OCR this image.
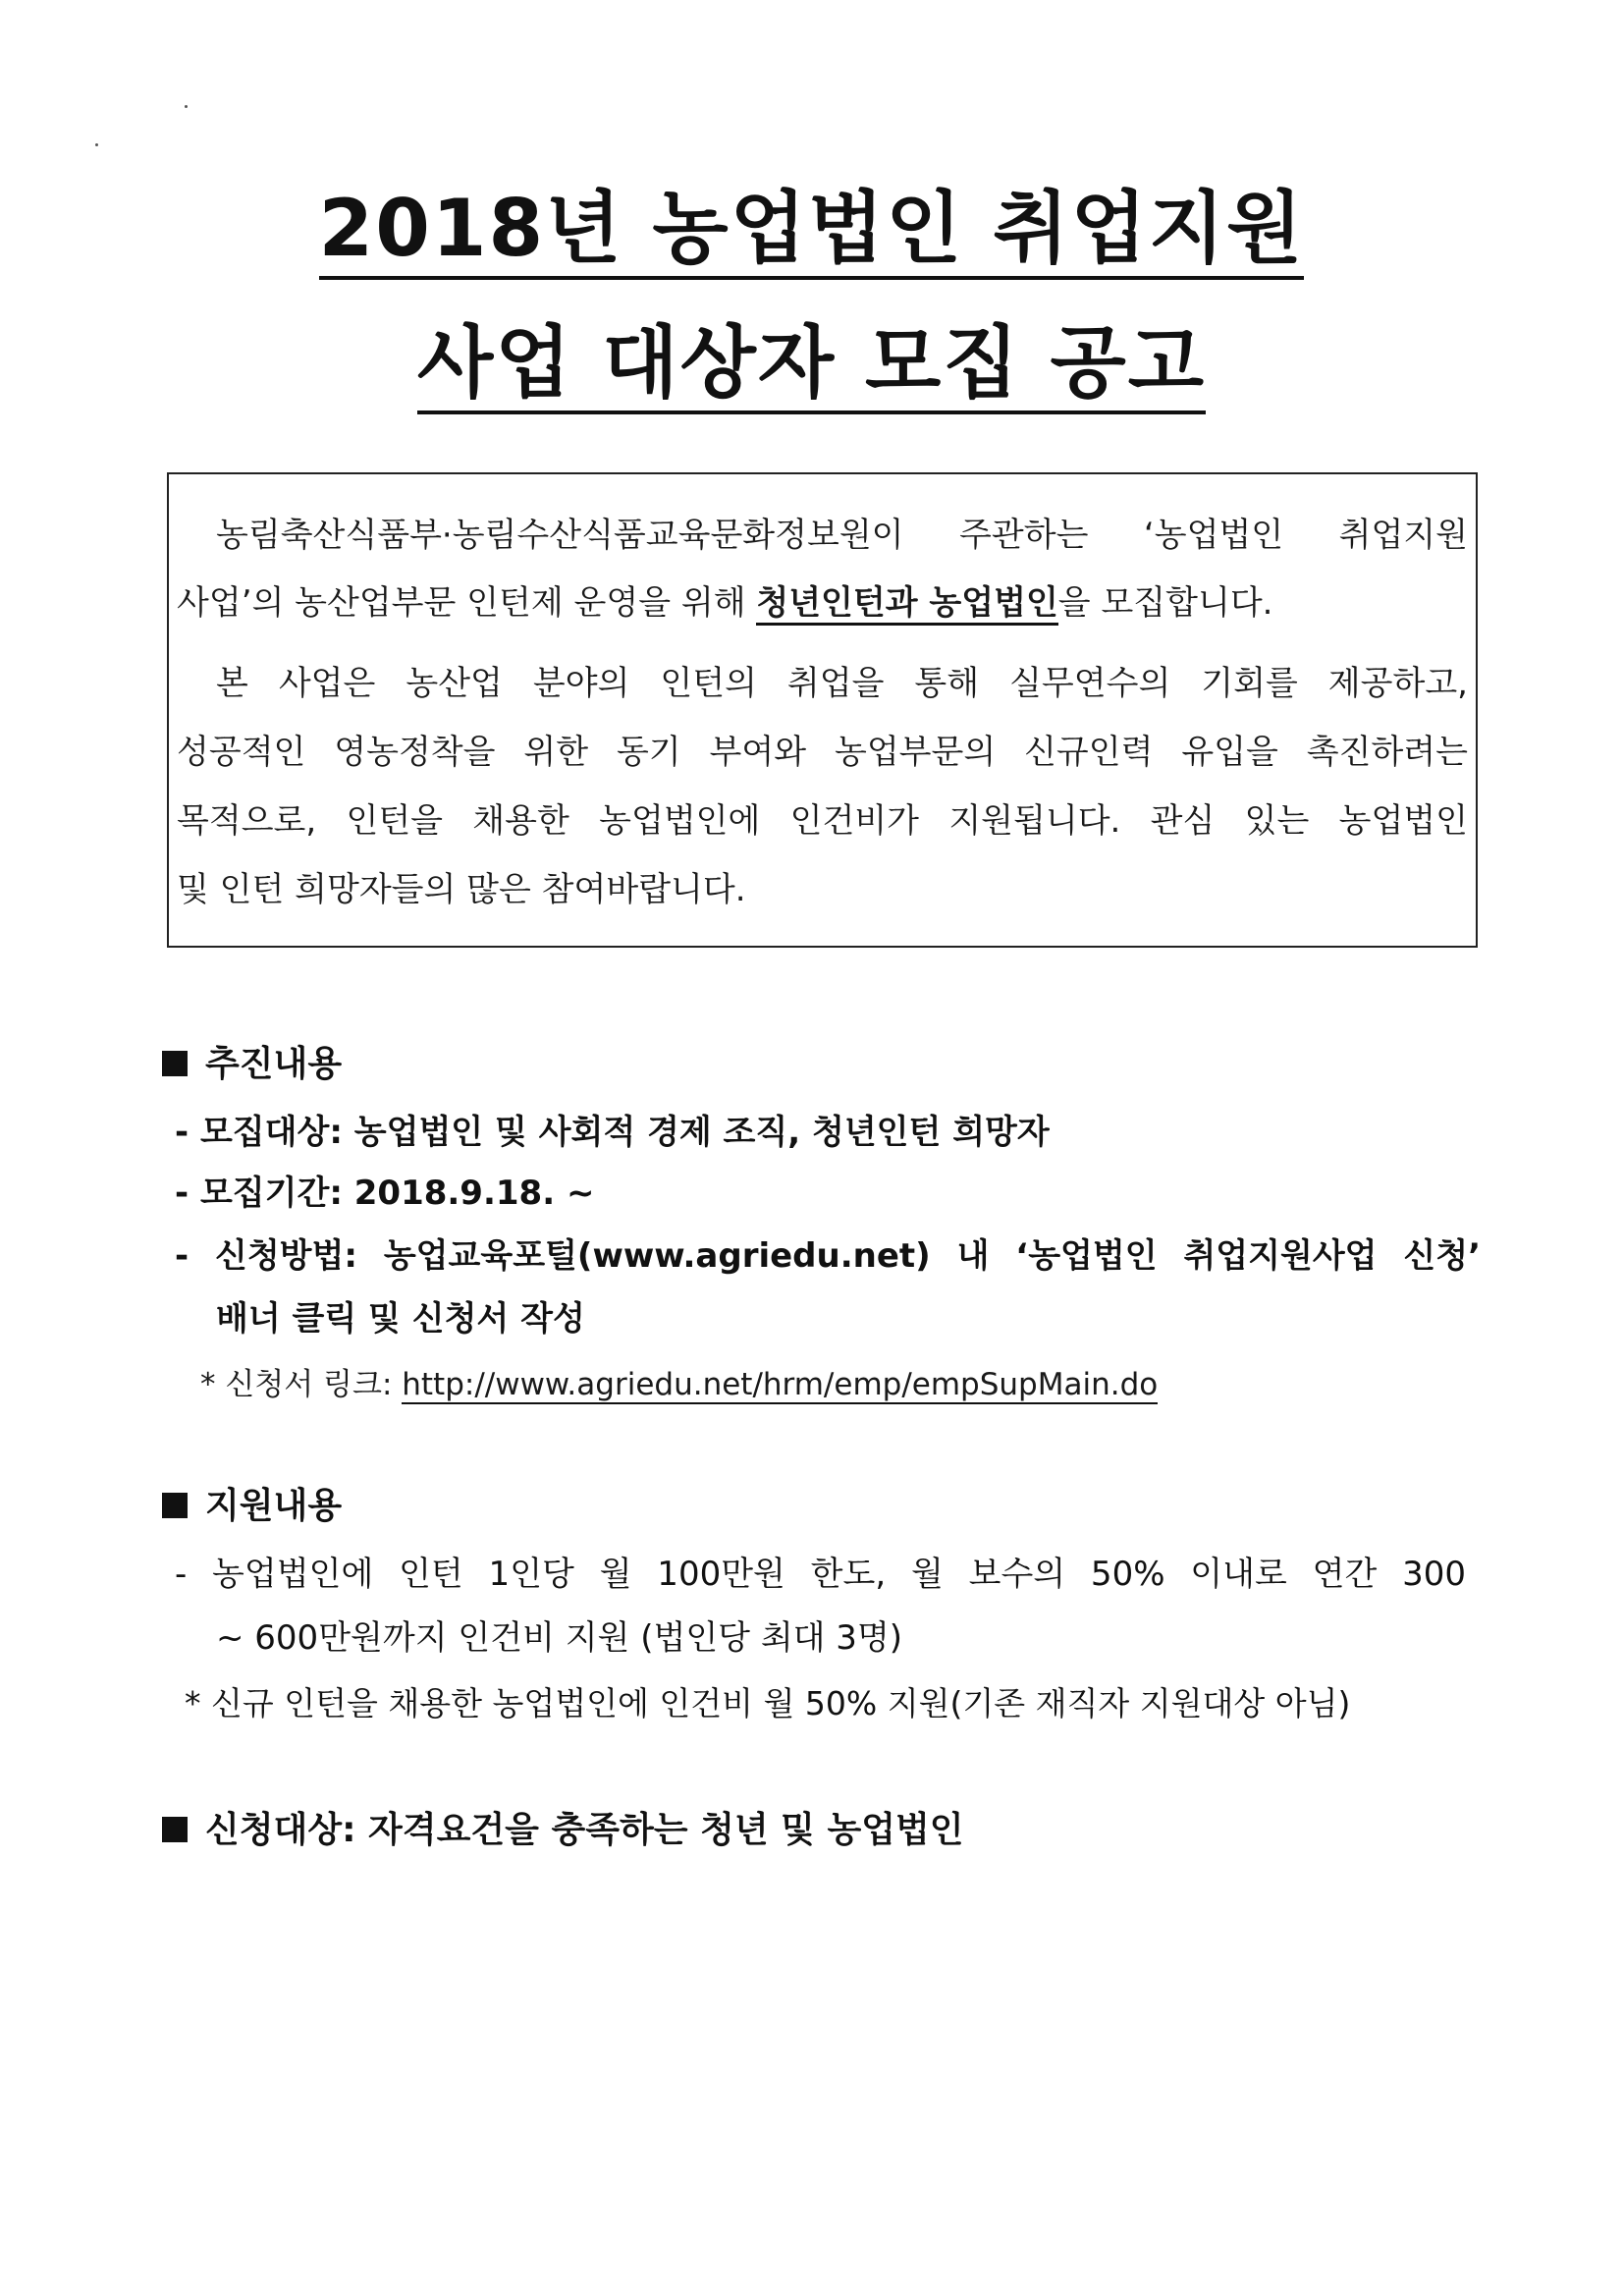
2018년 농업법인 취업지원
사업 대상자 모집 공고
농림축산식품부·농림수산식품교육문화정보원이 주관하는 ‘농업법인 취업지원
사업’의 농산업부문 인턴제 운영을 위해 청년인턴과 농업법인을 모집합니다.
본 사업은 농산업 분야의 인턴의 취업을 통해 실무연수의 기회를 제공하고,
성공적인 영농정착을 위한 동기 부여와 농업부문의 신규인력 유입을 촉진하려는
목적으로, 인턴을 채용한 농업법인에 인건비가 지원됩니다. 관심 있는 농업법인
및 인턴 희망자들의 많은 참여바랍니다.
추진내용
- 모집대상: 농업법인 및 사회적 경제 조직, 청년인턴 희망자
- 모집기간: 2018.9.18. ~
- 신청방법: 농업교육포털(www.agriedu.net) 내 ‘농업법인 취업지원사업 신청’
배너 클릭 및 신청서 작성
* 신청서 링크: http://www.agriedu.net/hrm/emp/empSupMain.do
지원내용
- 농업법인에 인턴 1인당 월 100만원 한도, 월 보수의 50% 이내로 연간 300
~ 600만원까지 인건비 지원 (법인당 최대 3명)
* 신규 인턴을 채용한 농업법인에 인건비 월 50% 지원(기존 재직자 지원대상 아님)
신청대상: 자격요건을 충족하는 청년 및 농업법인
